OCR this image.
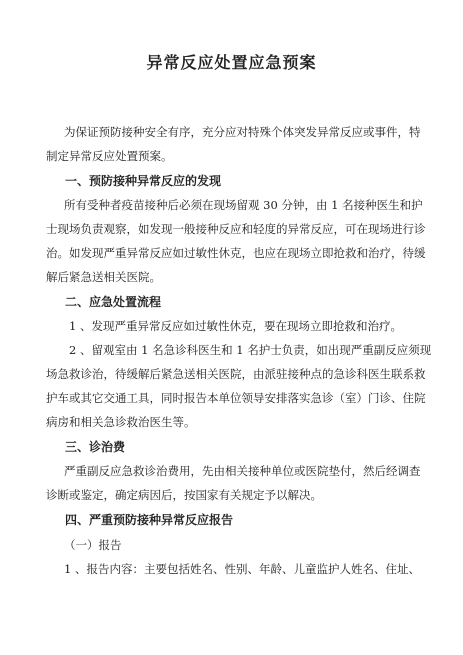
异常反应处置应急预案
为保证预防接种安全有序，充分应对特殊个体突发异常反应或事件，特
制定异常反应处置预案。
一、预防接种异常反应的发现
所有受种者疫苗接种后必须在现场留观 30 分钟，由 1 名接种医生和护
士现场负责观察，如发现一般接种反应和轻度的异常反应，可在现场进行诊
治。如发现严重异常反应如过敏性休克，也应在现场立即抢救和治疗，待缓
解后紧急送相关医院。
二、应急处置流程
1 、发现严重异常反应如过敏性休克，要在现场立即抢救和治疗。
2 、留观室由 1 名急诊科医生和 1 名护士负责，如出现严重副反应须现
场急救诊治，待缓解后紧急送相关医院，由派驻接种点的急诊科医生联系救
护车或其它交通工具，同时报告本单位领导安排落实急诊（室）门诊、住院
病房和相关急诊救治医生等。
三、诊治费
严重副反应急救诊治费用，先由相关接种单位或医院垫付，然后经调查
诊断或鉴定，确定病因后，按国家有关规定予以解决。
四、严重预防接种异常反应报告
（一）报告
1 、报告内容：主要包括姓名、性别、年龄、儿童监护人姓名、住址、
